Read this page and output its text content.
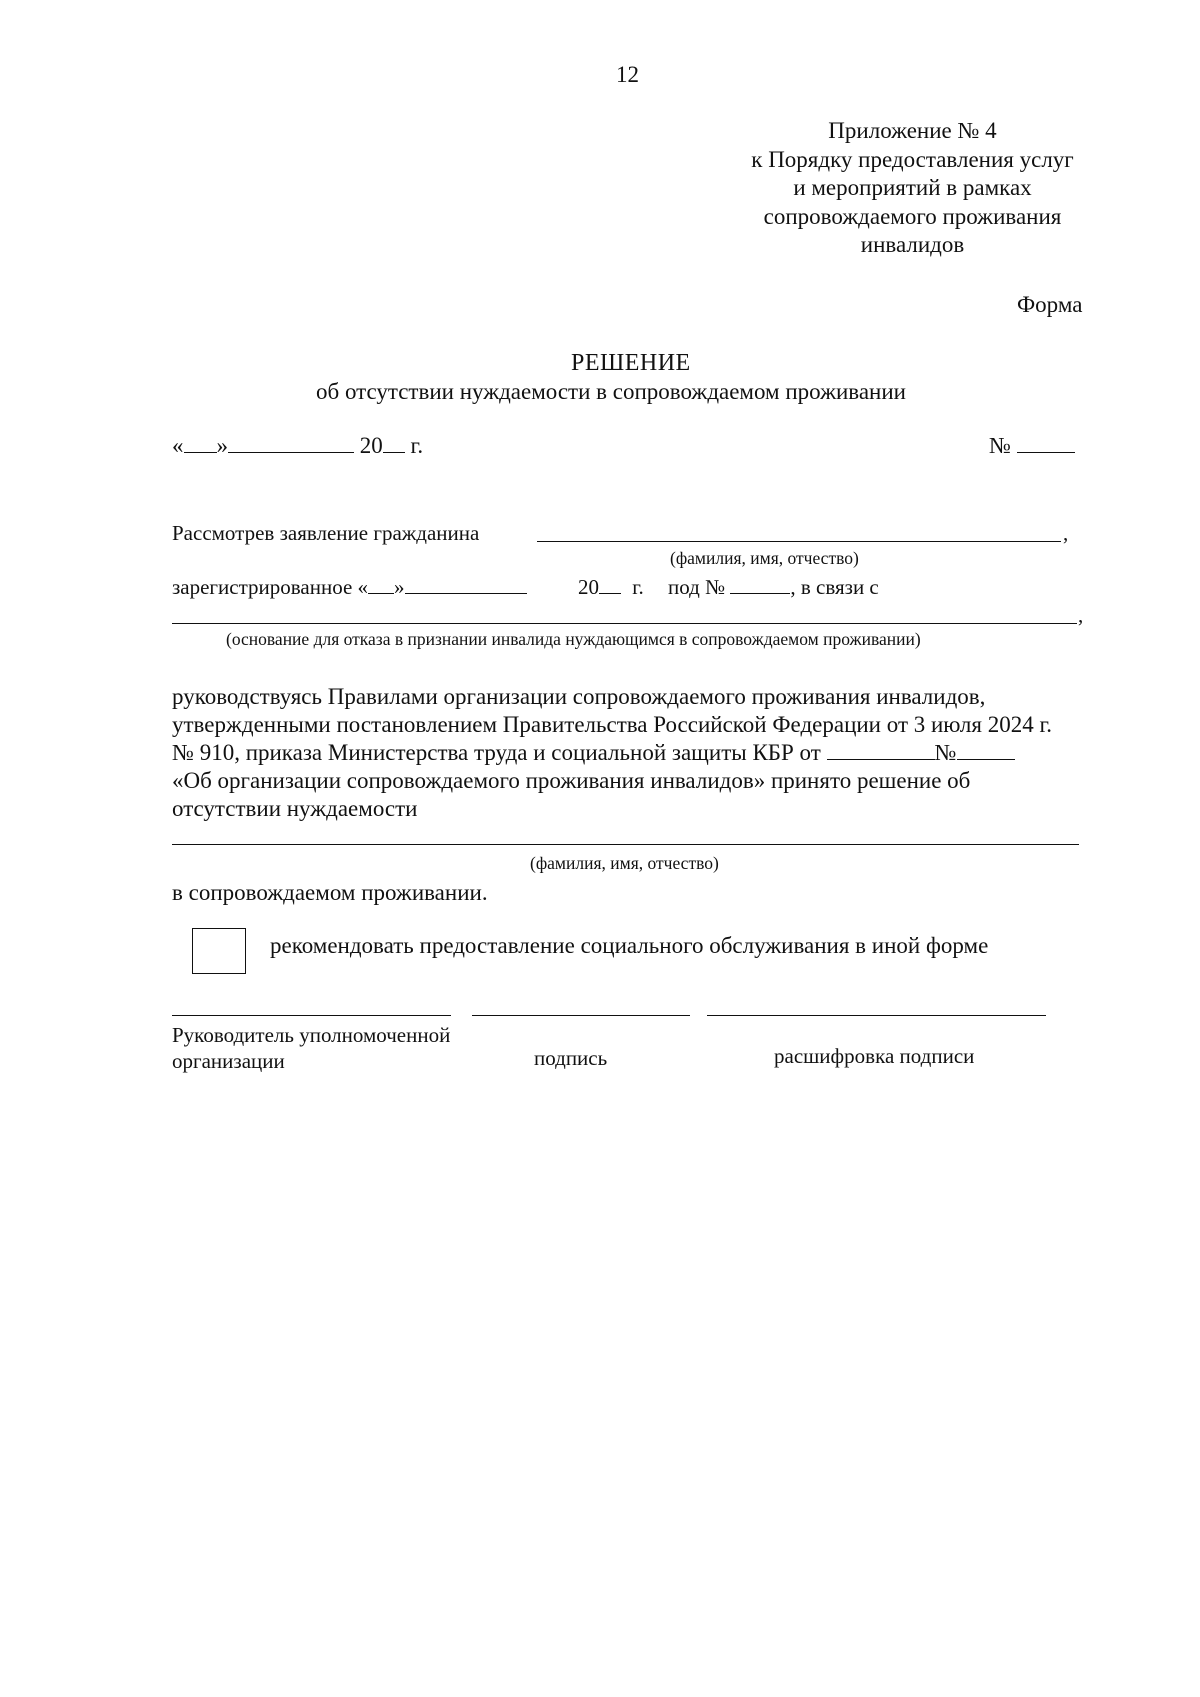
12
Приложение № 4
к Порядку предоставления услуг
и мероприятий в рамках
сопровождаемого проживания
инвалидов
Форма
РЕШЕНИЕ
об отсутствии нуждаемости в сопровождаемом проживании
« »	20 г.	№
Рассмотрев заявление гражданина	,
(фамилия, имя, отчество)
зарегистрированное « »	20 г. под №	, в связи с
,
(основание для отказа в признании инвалида нуждающимся в сопровождаемом проживании)
руководствуясь Правилами организации сопровождаемого проживания инвалидов,
утвержденными постановлением Правительства Российской Федерации от 3 июля 2024 г.
№ 910, приказа Министерства труда и социальной защиты КБР от	№
«Об организации сопровождаемого проживания инвалидов» принято решение об
отсутствии нуждаемости
(фамилия, имя, отчество)
в сопровождаемом проживании.
рекомендовать предоставление социального обслуживания в иной форме
Руководитель уполномоченной
организации	подпись	расшифровка подписи
